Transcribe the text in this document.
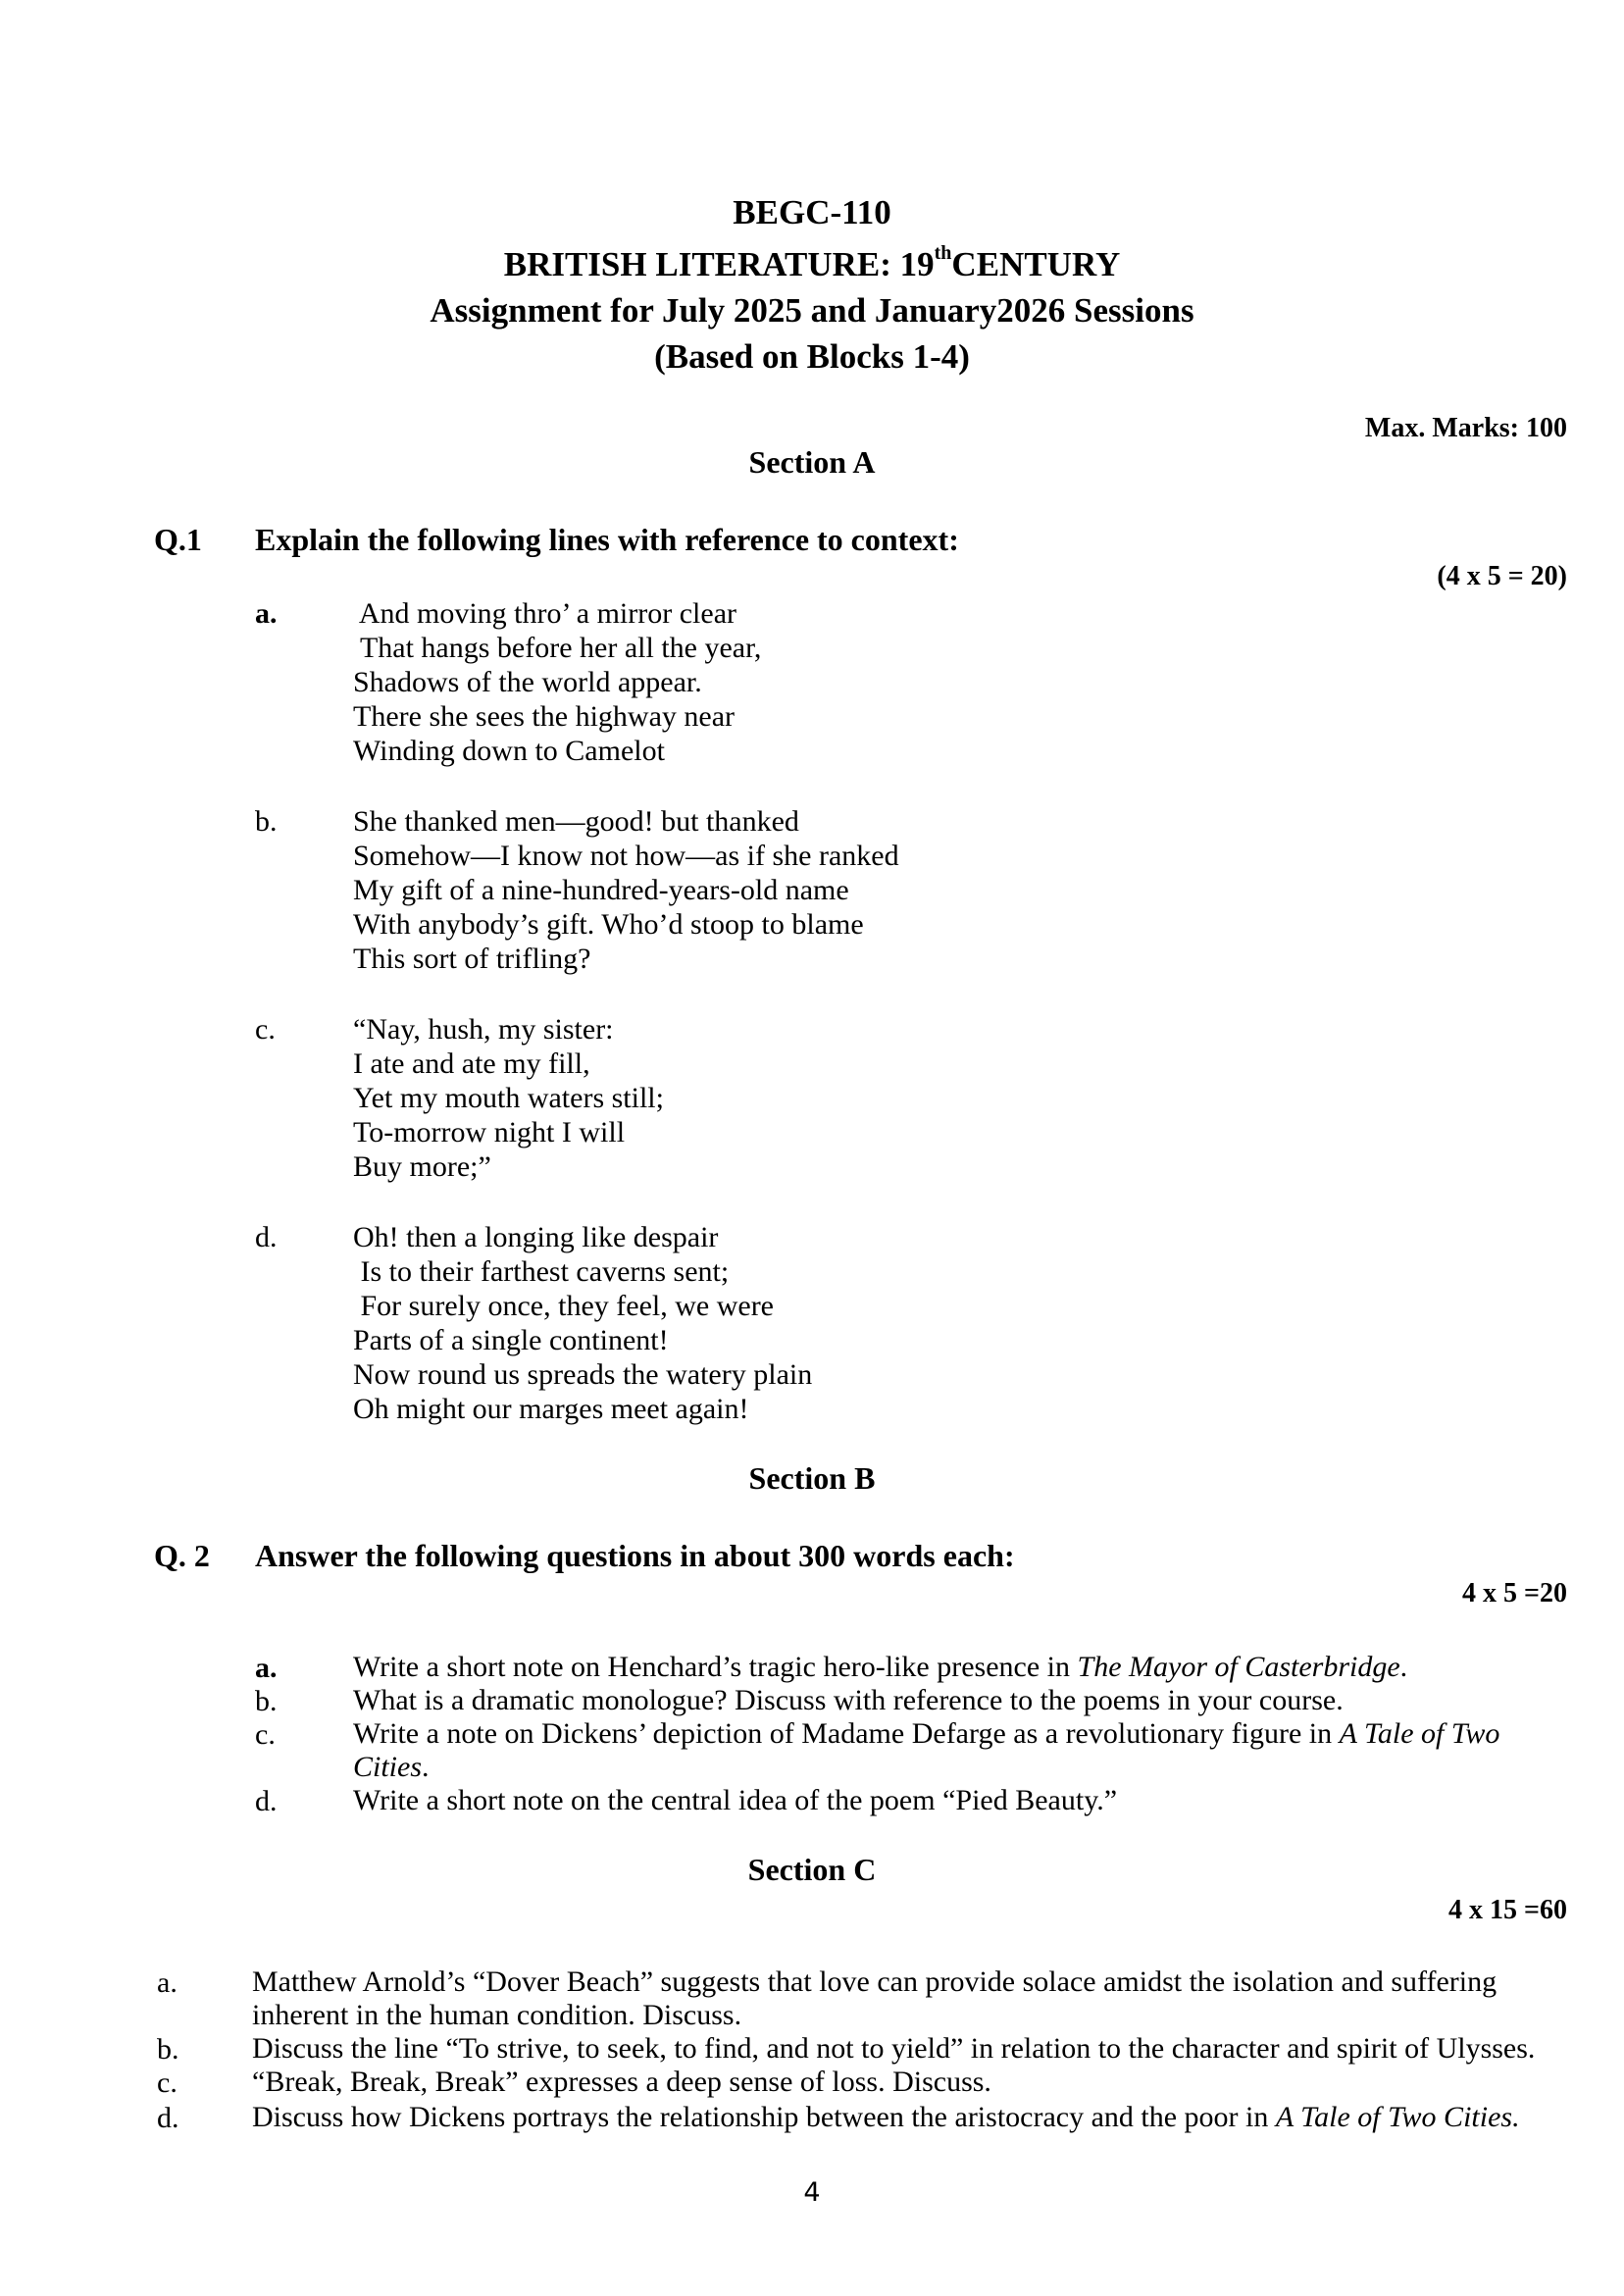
BEGC-110
BRITISH LITERATURE: 19thCENTURY
Assignment for July 2025 and January2026 Sessions
(Based on Blocks 1-4)
Max. Marks: 100
Section A
Q.1 Explain the following lines with reference to context:
(4 x 5 = 20)
a.	And moving thro’ a mirror clear
That hangs before her all the year,
Shadows of the world appear.
There she sees the highway near
Winding down to Camelot
b.	She thanked men—good! but thanked
Somehow—I know not how—as if she ranked
My gift of a nine-hundred-years-old name
With anybody’s gift. Who’d stoop to blame
This sort of trifling?
c.	“Nay, hush, my sister:
I ate and ate my fill,
Yet my mouth waters still;
To-morrow night I will
Buy more;”
d.	Oh! then a longing like despair
Is to their farthest caverns sent;
For surely once, they feel, we were
Parts of a single continent!
Now round us spreads the watery plain
Oh might our marges meet again!
Section B
Q. 2 Answer the following questions in about 300 words each:
4 x 5 =20
a.	Write a short note on Henchard’s tragic hero-like presence in The Mayor of Casterbridge.
b.	What is a dramatic monologue? Discuss with reference to the poems in your course.
c.	Write a note on Dickens’ depiction of Madame Defarge as a revolutionary figure in A Tale of Two
Cities.
d.	Write a short note on the central idea of the poem “Pied Beauty.”
Section C
4 x 15 =60
a.	Matthew Arnold’s “Dover Beach” suggests that love can provide solace amidst the isolation and suffering
inherent in the human condition. Discuss.
b. Discuss the line “To strive, to seek, to find, and not to yield” in relation to the character and spirit of Ulysses.
c.	“Break, Break, Break” expresses a deep sense of loss. Discuss.
d. Discuss how Dickens portrays the relationship between the aristocracy and the poor in A Tale of Two Cities.
4
